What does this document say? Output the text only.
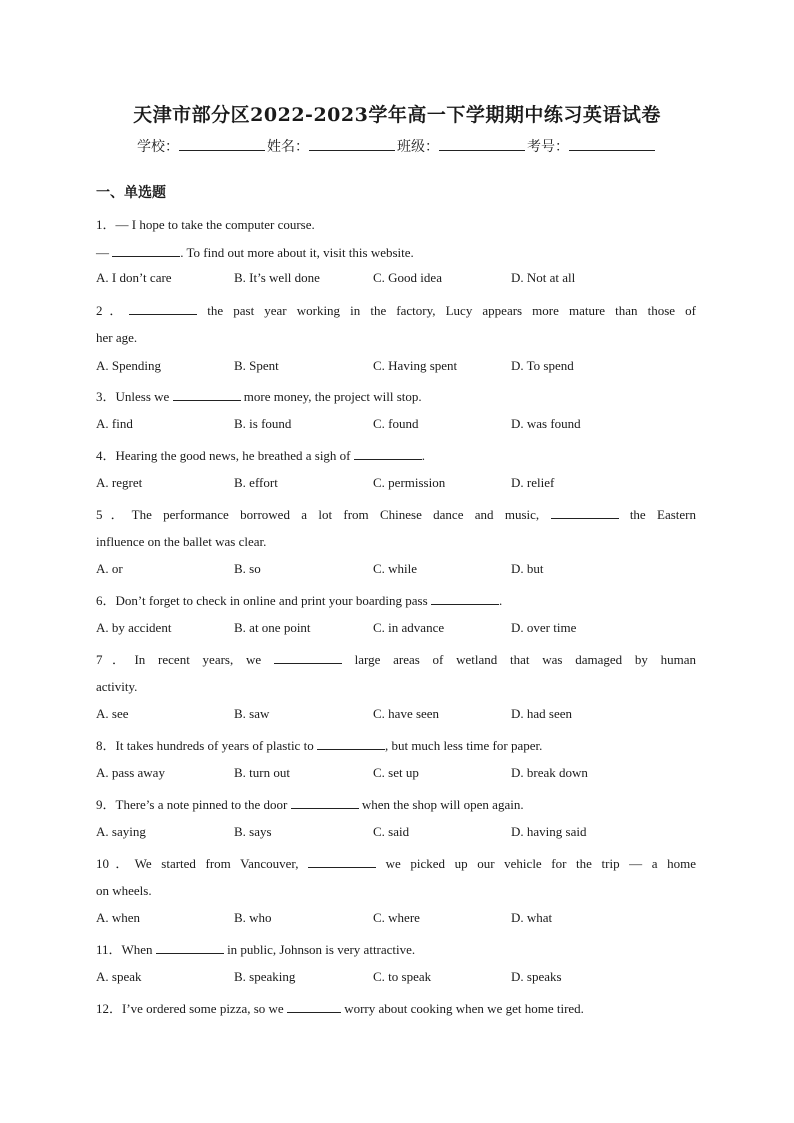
天津市部分区2022-2023学年高一下学期期中练习英语试卷
学校：	姓名：	班级：	考号：
一、单选题
1．— I hope to take the computer course.
—	. To find out more about it, visit this website.
A. I don’t care	B. It’s well done	C. Good idea	D. Not at all
2．	the past year working in the factory, Lucy appears more mature than those of
her age.
A. Spending	B. Spent	C. Having spent	D. To spend
3．Unless we	more money, the project will stop.
A. find	B. is found	C. found	D. was found
4．Hearing the good news, he breathed a sigh of	.
A. regret	B. effort	C. permission	D. relief
5．The performance borrowed a lot from Chinese dance and music,	the Eastern
influence on the ballet was clear.
A. or	B. so	C. while	D. but
6．Don’t forget to check in online and print your boarding pass	.
A. by accident	B. at one point	C. in advance	D. over time
7．In recent years, we	large areas of wetland that was damaged by human
activity.
A. see	B. saw	C. have seen	D. had seen
8．It takes hundreds of years of plastic to	, but much less time for paper.
A. pass away	B. turn out	C. set up	D. break down
9．There’s a note pinned to the door	when the shop will open again.
A. saying	B. says	C. said	D. having said
10．We started from Vancouver,	we picked up our vehicle for the trip — a home
on wheels.
A. when	B. who	C. where	D. what
11．When	in public, Johnson is very attractive.
A. speak	B. speaking	C. to speak	D. speaks
12．I’ve ordered some pizza, so we	worry about cooking when we get home tired.
